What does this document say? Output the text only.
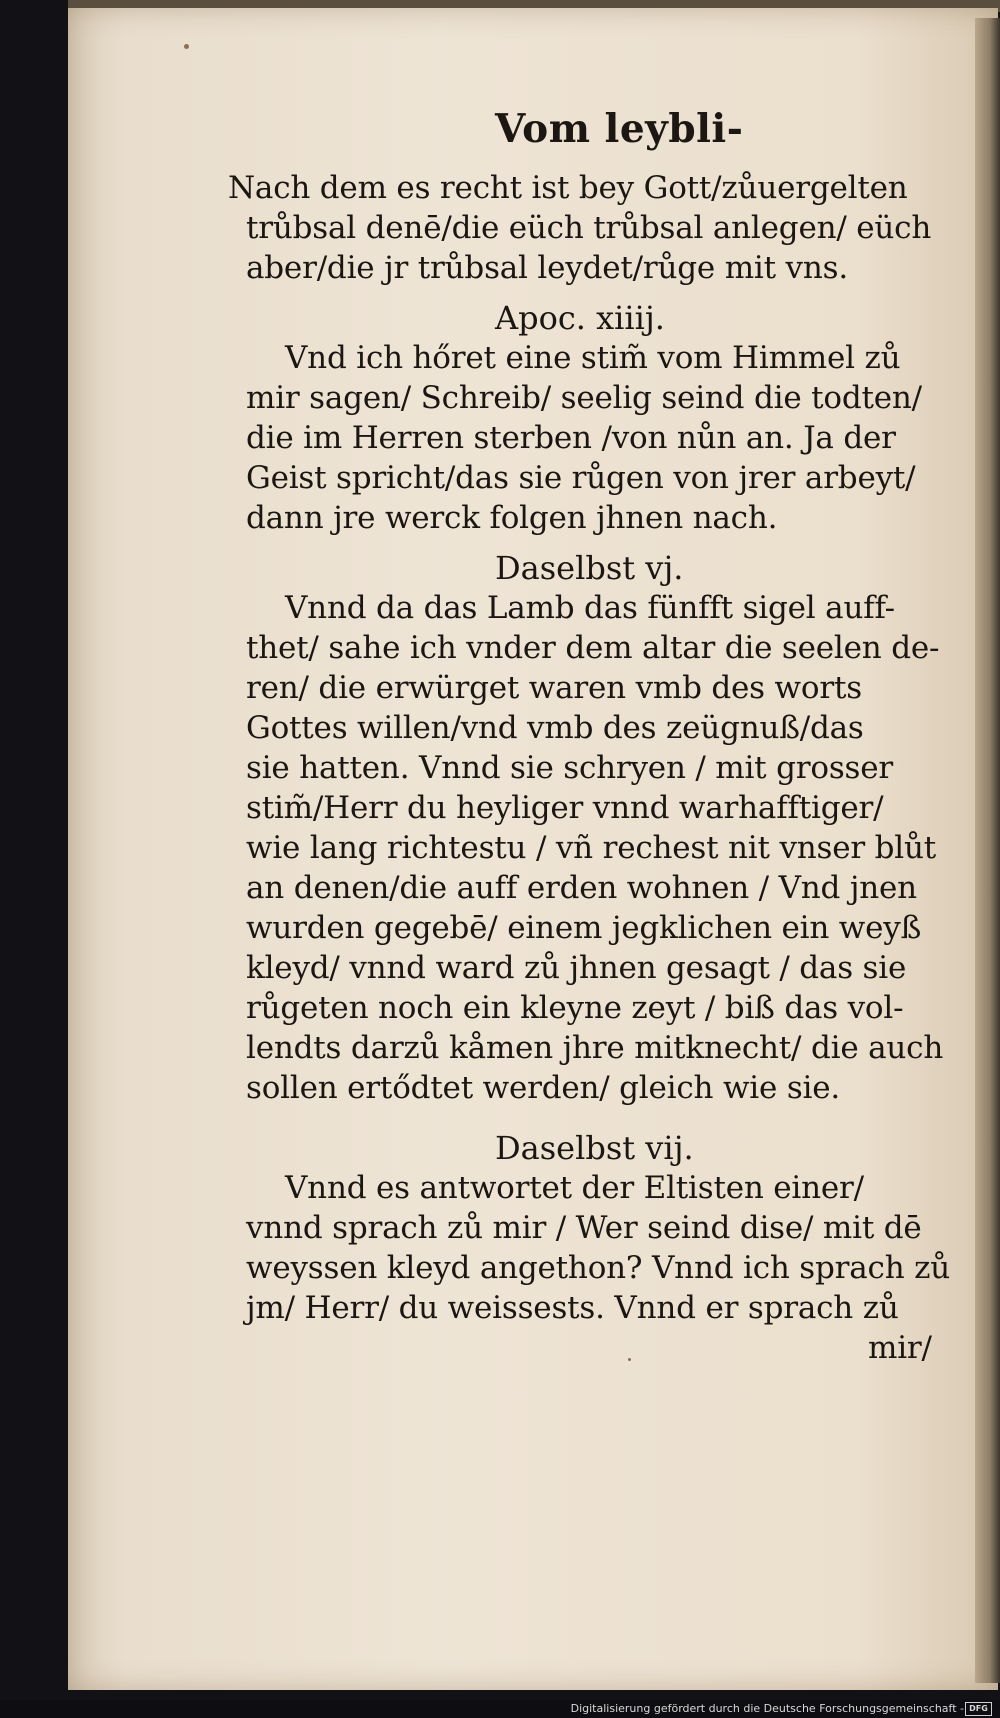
Vom leybli-
Nach dem es recht ist bey Gott/zůuergelten
trůbsal denē/die eüch trůbsal anlegen/ eüch
aber/die jr trůbsal leydet/růge mit vns.
Apoc. xiiij.
Vnd ich hőret eine stim̃ vom Himmel zů
mir sagen/ Schreib/ seelig seind die todten/
die im Herren sterben /von nůn an. Ja der
Geist spricht/das sie růgen von jrer arbeyt/
dann jre werck folgen jhnen nach.
Daselbst vj.
Vnnd da das Lamb das fünfft sigel auff-
thet/ sahe ich vnder dem altar die seelen de-
ren/ die erwürget waren vmb des worts
Gottes willen/vnd vmb des zeügnuß/das
sie hatten. Vnnd sie schryen / mit grosser
stim̃/Herr du heyliger vnnd warhafftiger/
wie lang richtestu / vñ rechest nit vnser blůt
an denen/die auff erden wohnen / Vnd jnen
wurden gegebē/ einem jegklichen ein weyß
kleyd/ vnnd ward zů jhnen gesagt / das sie
růgeten noch ein kleyne zeyt / biß das vol-
lendts darzů kåmen jhre mitknecht/ die auch
sollen ertődtet werden/ gleich wie sie.
Daselbst vij.
Vnnd es antwortet der Eltisten einer/
vnnd sprach zů mir / Wer seind dise/ mit dē
weyssen kleyd angethon? Vnnd ich sprach zů
jm/ Herr/ du weissests. Vnnd er sprach zů
mir/
Digitalisierung gefördert durch die Deutsche Forschungsgemeinschaft - DFG
